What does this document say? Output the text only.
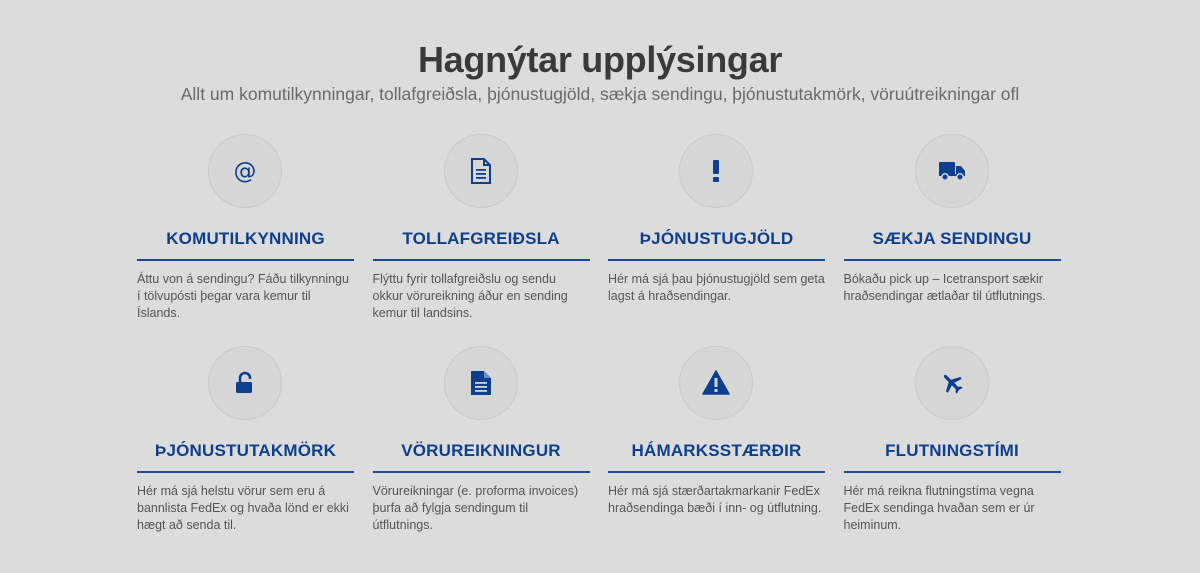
Hagnýtar upplýsingar

Allt um komutilkynningar, tollafgreiðsla, þjónustugjöld, sækja sendingu, þjónustutakmörk, vöruútreikningar ofl

@
KOMUTILKYNNING
Áttu von á sendingu? Fáðu tilkynningu í tölvupósti þegar vara kemur til Íslands.
TOLLAFGREIÐSLA
Flýttu fyrir tollafgreiðslu og sendu okkur vörureikning áður en sending kemur til landsins.
ÞJÓNUSTUGJÖLD
Hér má sjá þau þjónustugjöld sem geta lagst á hraðsendingar.
SÆKJA SENDINGU
Bókaðu pick up – Icetransport sækir hraðsendingar ætlaðar til útflutnings.
ÞJÓNUSTUTAKMÖRK
Hér má sjá helstu vörur sem eru á bannlista FedEx og hvaða lönd er ekki hægt að senda til.
VÖRUREIKNINGUR
Vörureikningar (e. proforma invoices) þurfa að fylgja sendingum til útflutnings.
HÁMARKSSTÆRÐIR
Hér má sjá stærðartakmarkanir FedEx hraðsendinga bæði í inn- og útflutning.
FLUTNINGSTÍMI
Hér má reikna flutningstíma vegna FedEx sendinga hvaðan sem er úr heiminum.
